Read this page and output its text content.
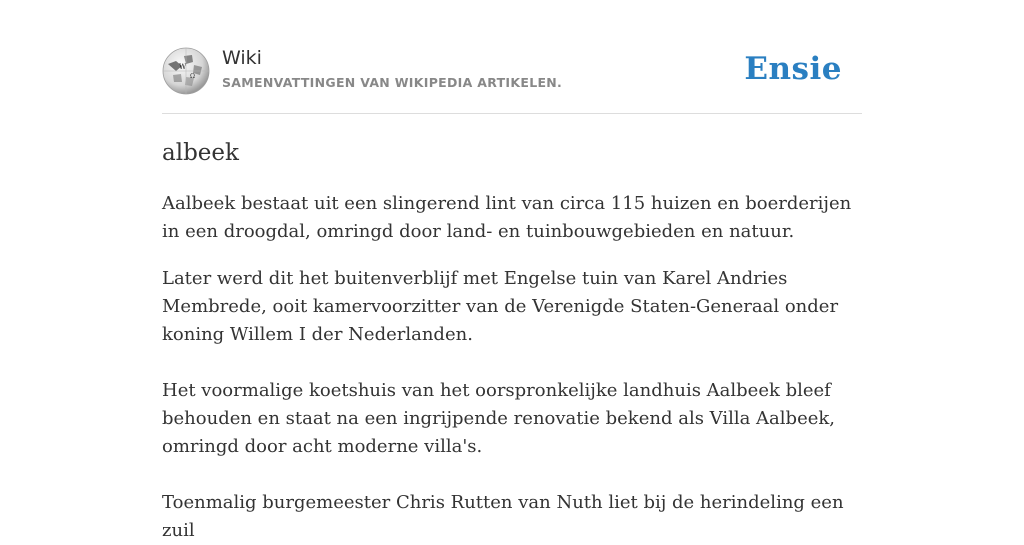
W
Ω
Wiki
SAMENVATTINGEN VAN WIKIPEDIA ARTIKELEN.	Ensie
albeek

Aalbeek bestaat uit een slingerend lint van circa 115 huizen en boerderijen in een droogdal, omringd door land- en tuinbouwgebieden en natuur.

Later werd dit het buitenverblijf met Engelse tuin van Karel Andries Membrede, ooit kamervoorzitter van de Verenigde Staten-Generaal onder koning Willem I der Nederlanden.

Het voormalige koetshuis van het oorspronkelijke landhuis Aalbeek bleef behouden en staat na een ingrijpende renovatie bekend als Villa Aalbeek, omringd door acht moderne villa's.

Toenmalig burgemeester Chris Rutten van Nuth liet bij de herindeling een zuil
